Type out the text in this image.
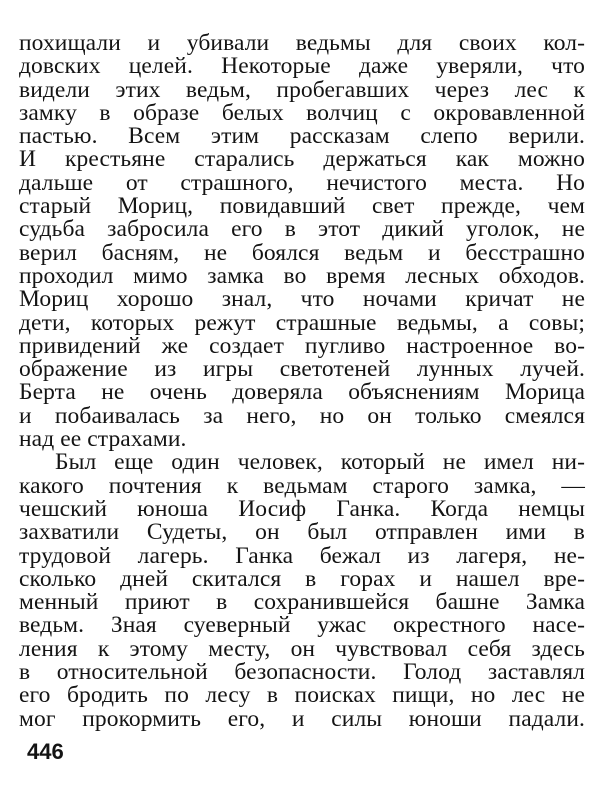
похищали и убивали ведьмы для своих кол-
довских целей. Некоторые даже уверяли, что
видели этих ведьм, пробегавших через лес к
замку в образе белых волчиц с окровавленной
пастью. Всем этим рассказам слепо верили.
И крестьяне старались держаться как можно
дальше от страшного, нечистого места. Но
старый Мориц, повидавший свет прежде, чем
судьба забросила его в этот дикий уголок, не
верил басням, не боялся ведьм и бесстрашно
проходил мимо замка во время лесных обходов.
Мориц хорошо знал, что ночами кричат не
дети, которых режут страшные ведьмы, а совы;
привидений же создает пугливо настроенное во-
ображение из игры светотеней лунных лучей.
Берта не очень доверяла объяснениям Морица
и побаивалась за него, но он только смеялся
над ее страхами.
Был еще один человек, который не имел ни-
какого почтения к ведьмам старого замка, —
чешский юноша Иосиф Ганка. Когда немцы
захватили Судеты, он был отправлен ими в
трудовой лагерь. Ганка бежал из лагеря, не-
сколько дней скитался в горах и нашел вре-
менный приют в сохранившейся башне Замка
ведьм. Зная суеверный ужас окрестного насе-
ления к этому месту, он чувствовал себя здесь
в относительной безопасности. Голод заставлял
его бродить по лесу в поисках пищи, но лес не
мог прокормить его, и силы юноши падали.
446
